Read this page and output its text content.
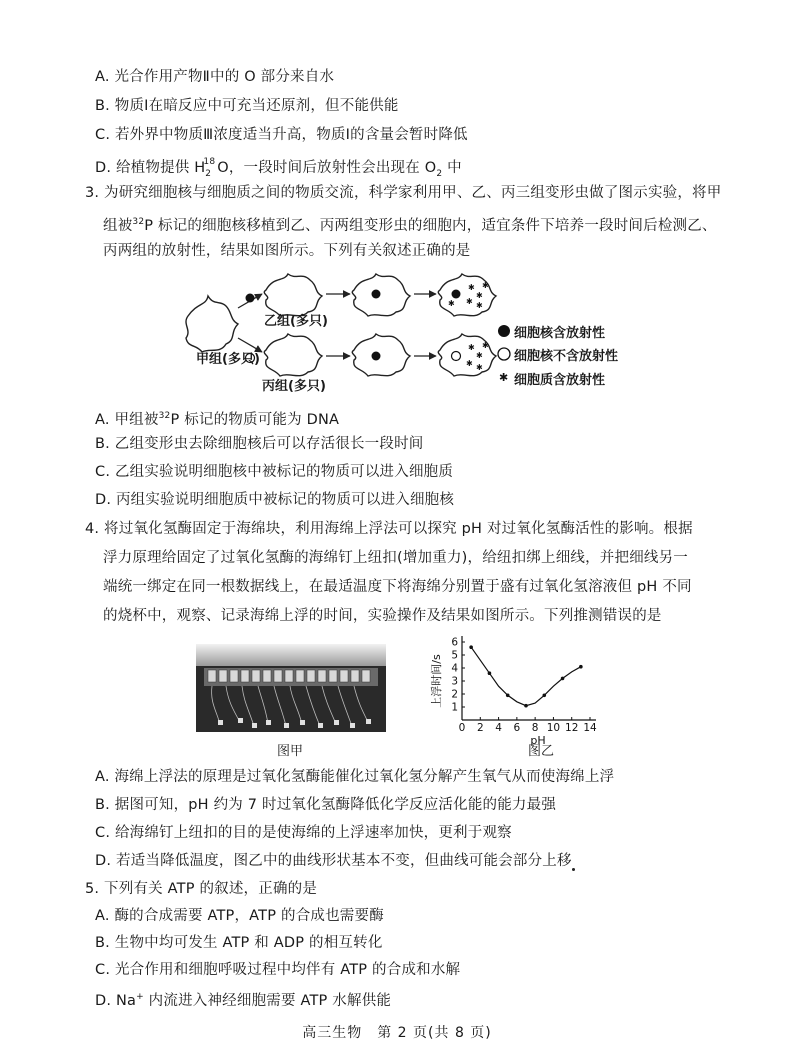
A. 光合作用产物Ⅱ中的 O 部分来自水
B. 物质Ⅰ在暗反应中可充当还原剂，但不能供能
C. 若外界中物质Ⅲ浓度适当升高，物质Ⅰ的含量会暂时降低
D. 给植物提供 $H^{18}_2$ O，一段时间后放射性会出现在 $O_2$ 中
3. 为研究细胞核与细胞质之间的物质交流，科学家利用甲、乙、丙三组变形虫做了图示实验，将甲
组被$^{32}$P 标记的细胞核移植到乙、丙两组变形虫的细胞内，适宜条件下培养一段时间后检测乙、
丙两组的放射性，结果如图所示。下列有关叙述正确的是
✱
✱
✱
✱
✱	✱
✱
✱
✱
✱
✱
✱
乙组(多只)
甲组(多只)
丙组(多只)
细胞核含放射性
细胞核不含放射性
细胞质含放射性
A. 甲组被$^{32}$P 标记的物质可能为 DNA
B. 乙组变形虫去除细胞核后可以存活很长一段时间
C. 乙组实验说明细胞核中被标记的物质可以进入细胞质
D. 丙组实验说明细胞质中被标记的物质可以进入细胞核
4. 将过氧化氢酶固定于海绵块，利用海绵上浮法可以探究 pH 对过氧化氢酶活性的影响。根据
浮力原理给固定了过氧化氢酶的海绵钉上纽扣(增加重力)，给纽扣绑上细线，并把细线另一
端统一绑定在同一根数据线上，在最适温度下将海绵分别置于盛有过氧化氢溶液但 pH 不同
的烧杯中，观察、记录海绵上浮的时间，实验操作及结果如图所示。下列推测错误的是
图甲
0 2 4 6 8 10 12 14
1
2
3
4
5
6
上浮时间/s
pH
图乙
A. 海绵上浮法的原理是过氧化氢酶能催化过氧化氢分解产生氧气从而使海绵上浮
B. 据图可知，pH 约为 7 时过氧化氢酶降低化学反应活化能的能力最强
C. 给海绵钉上纽扣的目的是使海绵的上浮速率加快，更利于观察
D. 若适当降低温度，图乙中的曲线形状基本不变，但曲线可能会部分上移
5. 下列有关 ATP 的叙述，正确的是
A. 酶的合成需要 ATP，ATP 的合成也需要酶
B. 生物中均可发生 ATP 和 ADP 的相互转化
C. 光合作用和细胞呼吸过程中均伴有 ATP 的合成和水解
D. Na+ 内流进入神经细胞需要 ATP 水解供能
高三生物　第 2 页(共 8 页)
